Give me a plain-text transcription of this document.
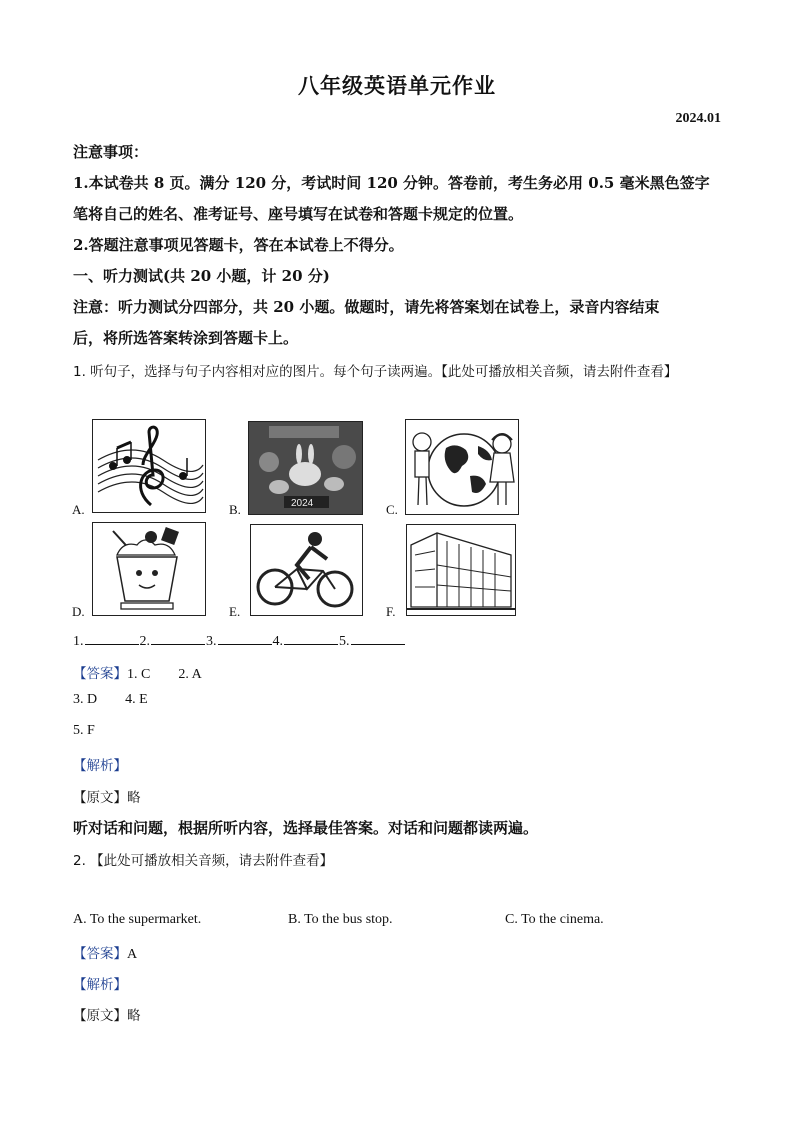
八年级英语单元作业
2024.01
注意事项：
1.本试卷共 8 页。满分 120 分，考试时间 120 分钟。答卷前，考生务必用 0.5 毫米黑色签字
笔将自己的姓名、准考证号、座号填写在试卷和答题卡规定的位置。
2.答题注意事项见答题卡，答在本试卷上不得分。
一、听力测试(共 20 小题，计 20 分)
注意：听力测试分四部分，共 20 小题。做题时，请先将答案划在试卷上，录音内容结束
后，将所选答案转涂到答题卡上。
1. 听句子，选择与句子内容相对应的图片。每个句子读两遍。【此处可播放相关音频，请去附件查看】
A.	B.	2024	C.
D.	E.	F.
1.	2.	3.	4.	5.
【答案】1. C 2. A
3. D 4. E
5. F
【解析】
【原文】略
听对话和问题，根据所听内容，选择最佳答案。对话和问题都读两遍。
2. 【此处可播放相关音频，请去附件查看】
A. To the supermarket.	B. To the bus stop.	C. To the cinema.
【答案】A
【解析】
【原文】略
